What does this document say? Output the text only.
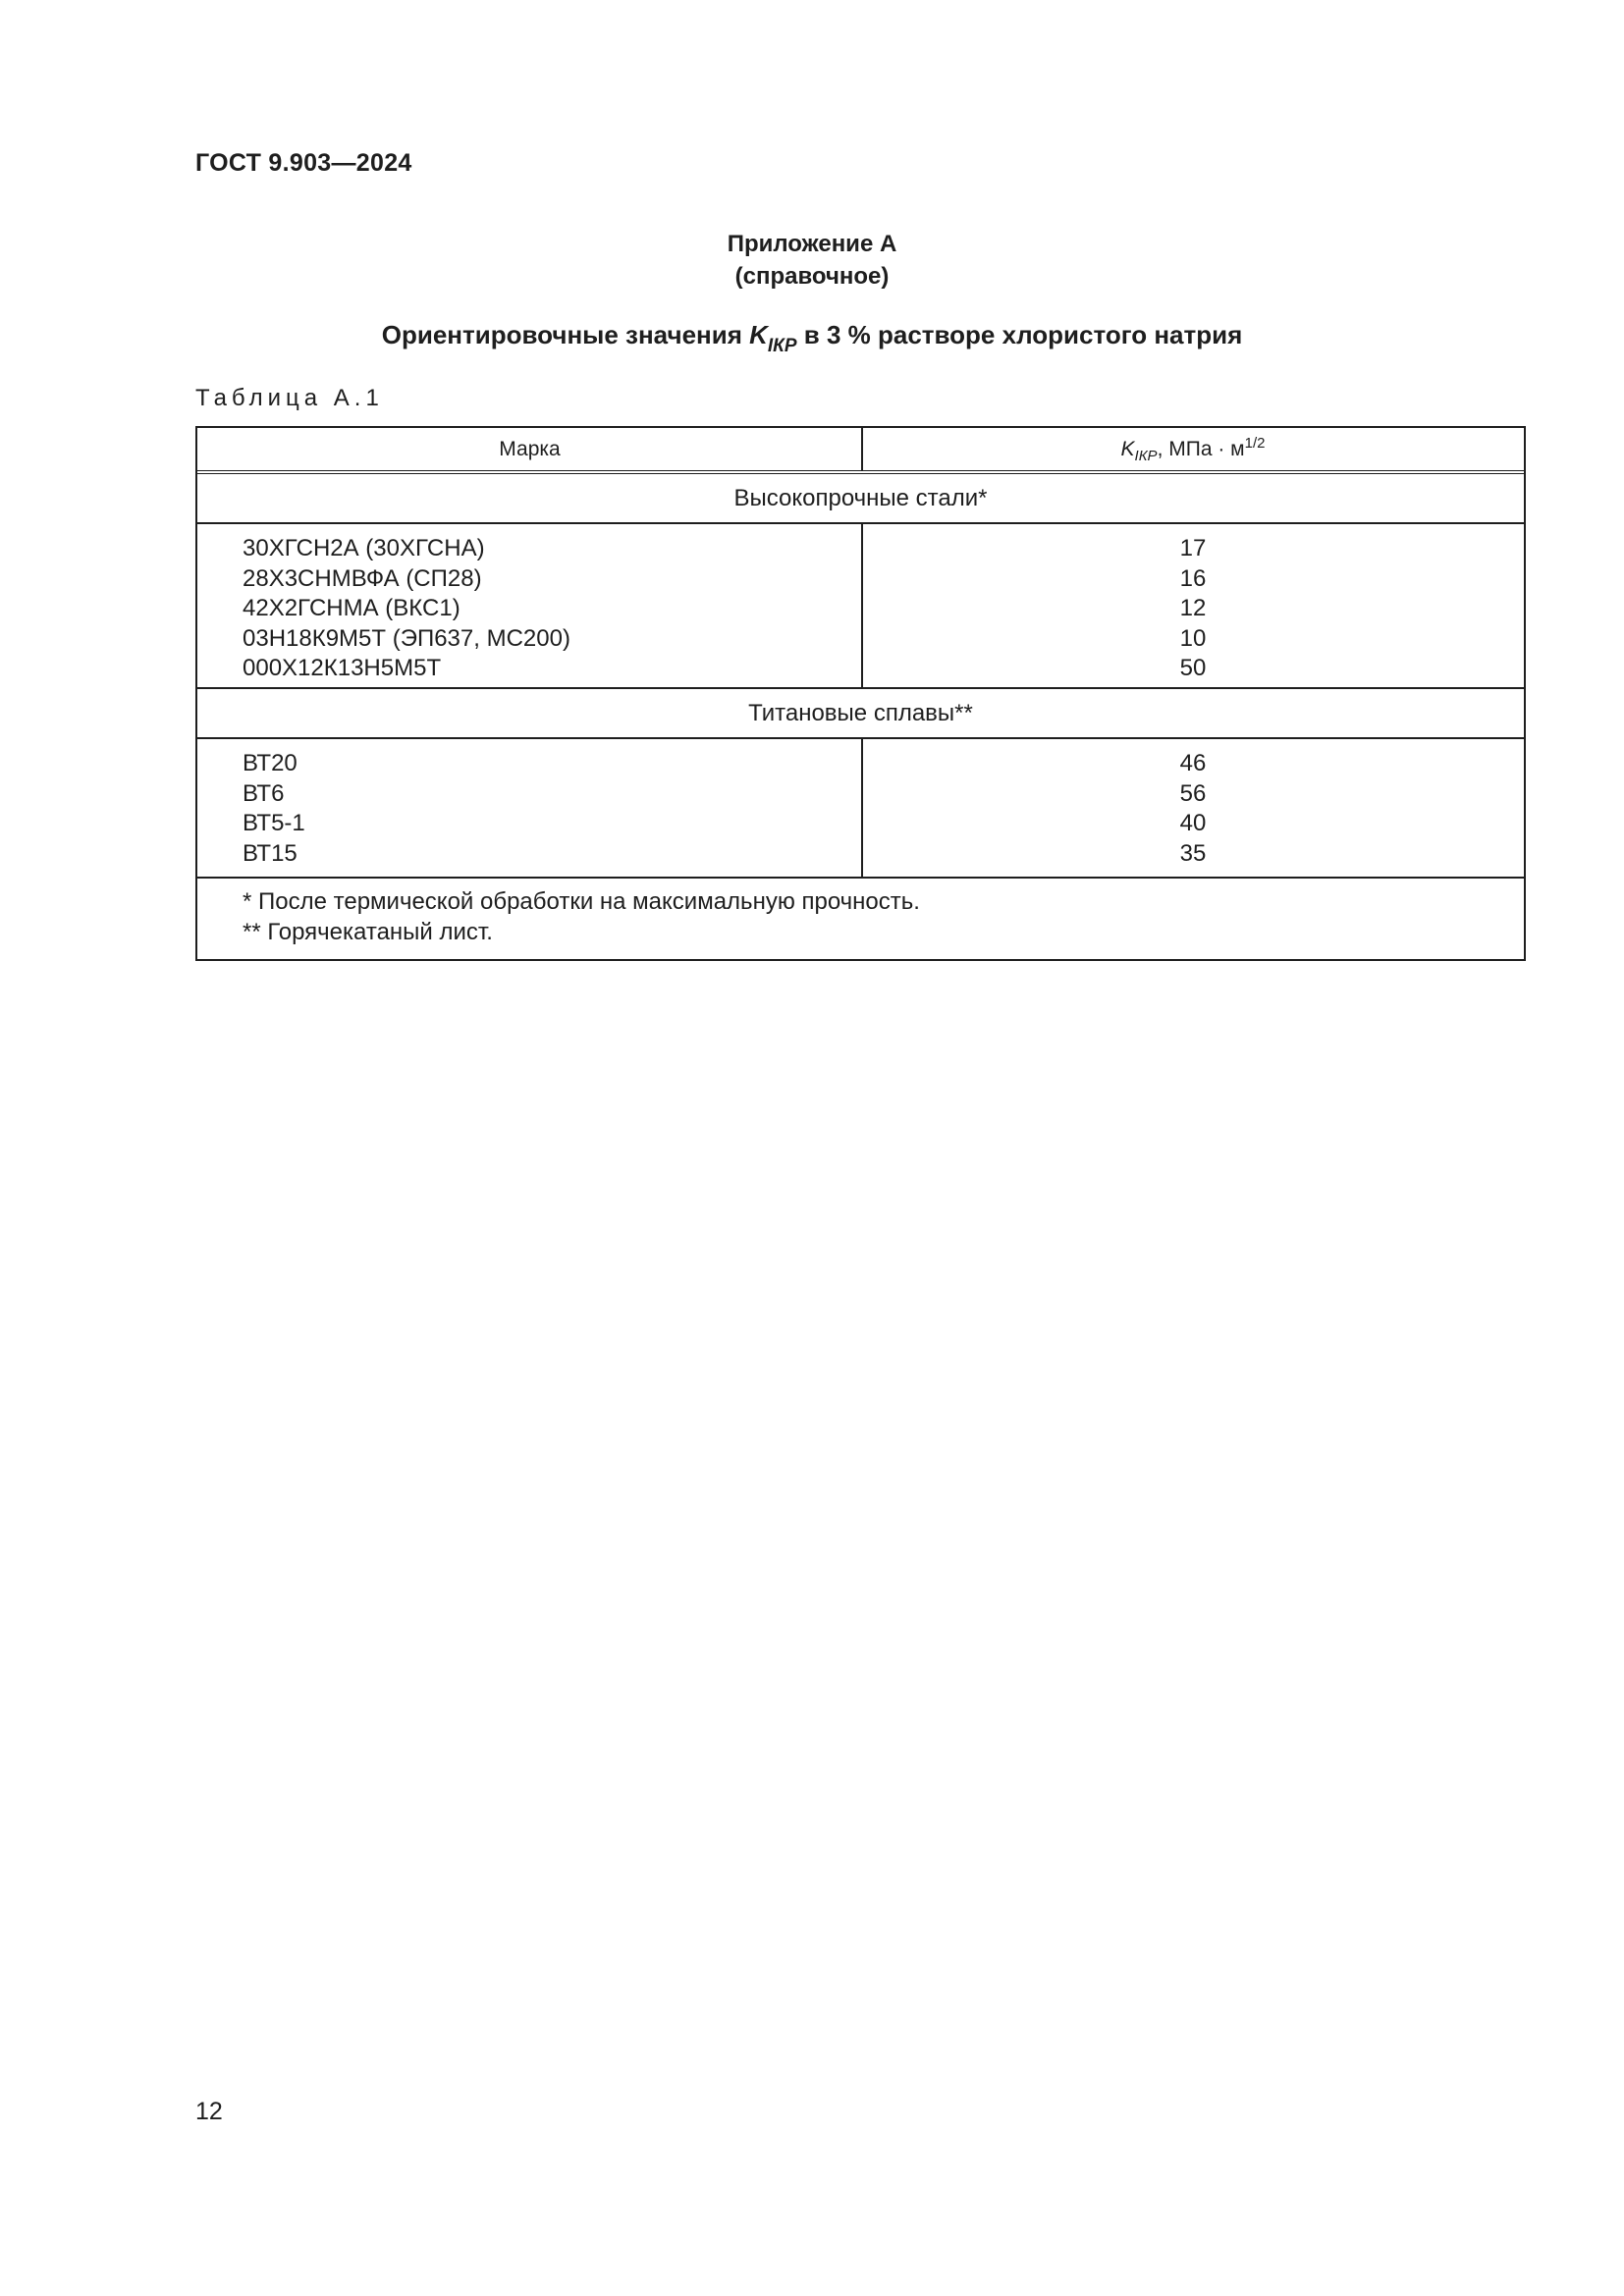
ГОСТ 9.903—2024
Приложение А
(справочное)
Ориентировочные значения $K_{IКР}$ в 3 % растворе хлористого натрия
Таблица А.1
Марка	$K_{IКР}$, МПа · $м^{1/2}$
Высокопрочные стали*
30ХГСН2А (30ХГСНА)
28Х3СНМВФА (СП28)
42Х2ГСНМА (ВКС1)
03Н18К9М5Т (ЭП637, МС200)
000Х12К13Н5М5Т
17
16
12
10
50
Титановые сплавы**
ВТ20
ВТ6
ВТ5-1
ВТ15
46
56
40
35
* После термической обработки на максимальную прочность.
** Горячекатаный лист.
12
